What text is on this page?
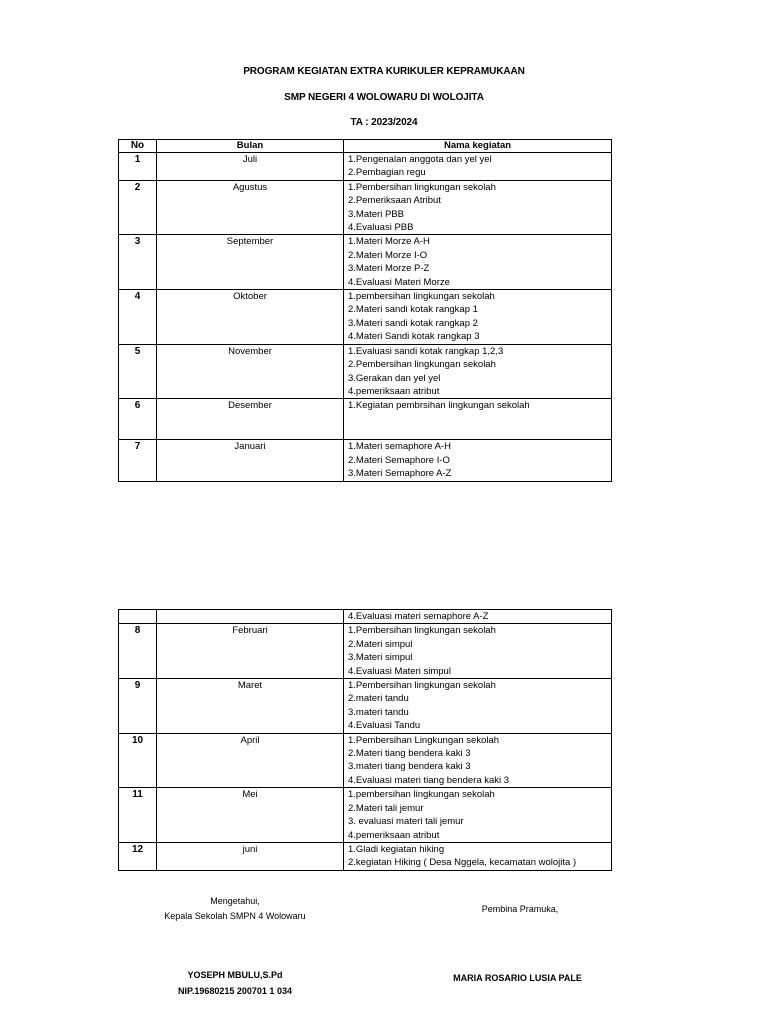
PROGRAM KEGIATAN EXTRA KURIKULER KEPRAMUKAAN
SMP NEGERI 4 WOLOWARU DI WOLOJITA
TA : 2023/2024
No	Bulan	Nama kegiatan
1	Juli	1.Pengenalan anggota dan yel yel
2.Pembagian regu

2	Agustus	1.Pembersihan lingkungan sekolah
2.Pemeriksaan Atribut
3.Materi PBB
4.Evaluasi PBB

3	September	1.Materi Morze A-H
2.Materi Morze I-O
3.Materi Morze P-Z
4.Evaluasi Materi Morze

4	Oktober	1.pembersihan lingkungan sekolah
2.Materi sandi kotak rangkap 1
3.Materi sandi kotak rangkap 2
4.Materi Sandi kotak rangkap 3

5	November	1.Evaluasi sandi kotak rangkap 1,2,3
2.Pembersihan lingkungan sekolah
3.Gerakan dan yel yel
4.pemeriksaan atribut

6	Desember	1.Kegiatan pembrsihan lingkungan sekolah

7	Januari	1.Materi semaphore A-H
2.Materi Semaphore I-O
3.Materi Semaphore A-Z

		4.Evaluasi materi semaphore A-Z

8	Februari	1.Pembersihan lingkungan sekolah
2.Materi simpul
3.Materi simpul
4.Evaluasi Materi simpul

9	Maret	1.Pembersihan lingkungan sekolah
2.materi tandu
3.materi tandu
4.Evaluasi Tandu

10	April	1.Pembersihan Lingkungan sekolah
2.Materi tiang bendera kaki 3
3.materi tiang bendera kaki 3
4.Evaluasi materi tiang bendera kaki 3

11	Mei	1.pembersihan lingkungan sekolah
2.Materi tali jemur
3. evaluasi materi tali jemur
4.pemeriksaan atribut

12	juni	1.Gladi kegiatan hiking
2.kegiatan Hiking ( Desa Nggela, kecamatan wolojita )
Mengetahui,
Kepala Sekolah SMPN 4 Wolowaru
Pembina Pramuka,
YOSEPH MBULU,S.Pd
NIP.19680215 200701 1 034
MARIA ROSARIO LUSIA PALE
